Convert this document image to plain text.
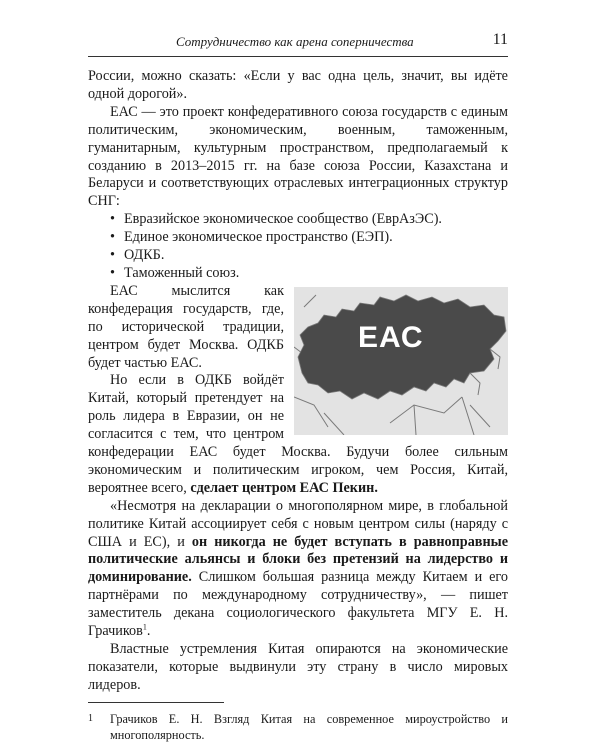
Сотрудничество как арена соперничества	11

России, можно сказать: «Если у вас одна цель, значит, вы идёте одной дорогой».

ЕАС — это проект конфедеративного союза государств с единым политическим, экономическим, военным, таможенным, гуманитарным, культурным пространством, предполагаемый к созданию в 2013–2015 гг. на базе союза России, Казахстана и Беларуси и соответствующих отраслевых интеграционных структур СНГ:

• Евразийское экономическое сообщество (ЕврАзЭС).
• Единое экономическое пространство (ЕЭП).
• ОДКБ.
• Таможенный союз.
ЕАС

ЕАС мыслится как конфедерация государств, где, по исторической традиции, центром будет Москва. ОДКБ будет частью ЕАС.

Но если в ОДКБ войдёт Китай, который претендует на роль лидера в Евразии, он не согласится с тем, что центром конфедерации ЕАС будет Москва. Будучи более сильным экономическим и политическим игроком, чем Россия, Китай, вероятнее всего, сделает центром ЕАС Пекин.

«Несмотря на декларации о многополярном мире, в глобальной политике Китай ассоциирует себя с новым центром силы (наряду с США и ЕС), и он никогда не будет вступать в равноправные политические альянсы и блоки без претензий на лидерство и доминирование. Слишком большая разница между Китаем и его партнёрами по международному сотрудничеству», — пишет заместитель декана социологического факультета МГУ Е. Н. Грачиков$^1$.

Властные устремления Китая опираются на экономические показатели, которые выдвинули эту страну в число мировых лидеров.

1 Грачиков Е. Н. Взгляд Китая на современное мироустройство и многополярность.
